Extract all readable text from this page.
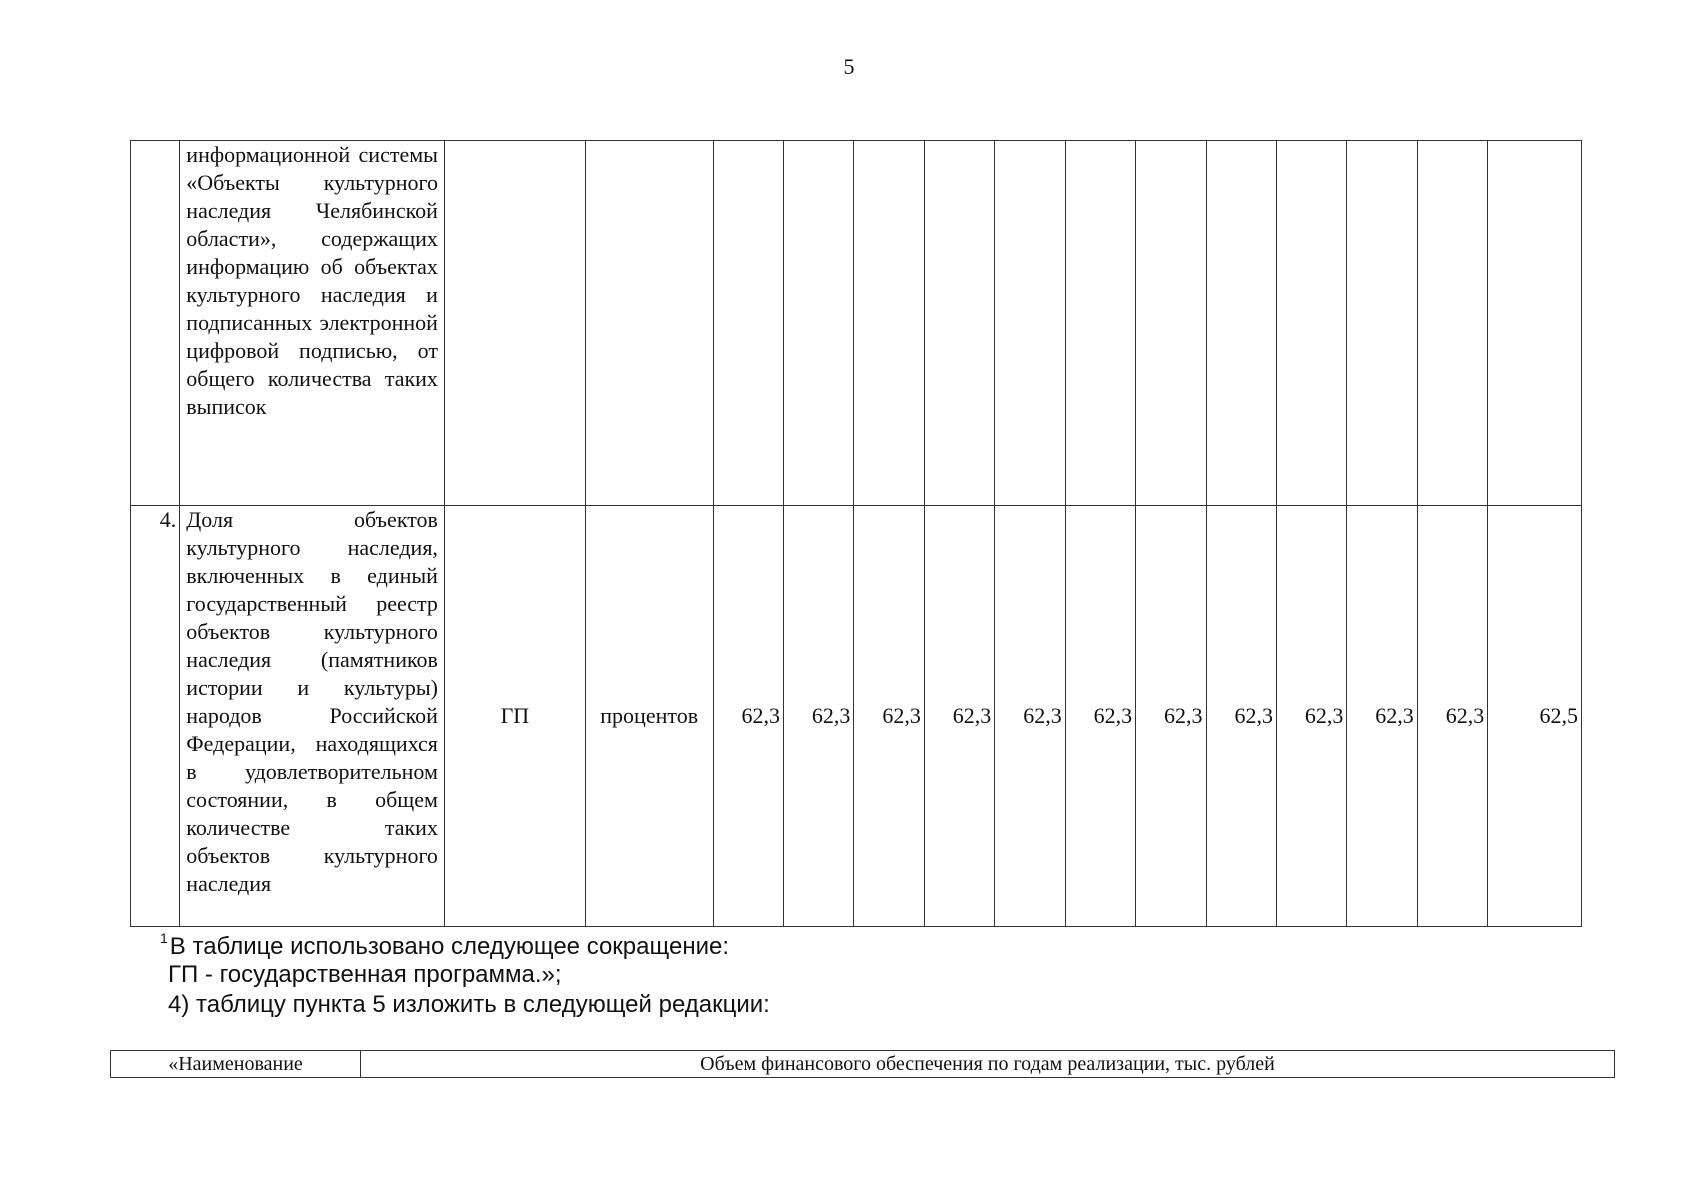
5
	информационной системы «Объекты культурного наследия Челябинской области», содержащих информацию об объектах культурного наследия и подписанных электронной цифровой подписью, от общего количества таких выписок														
4.	Доля объектов культурного наследия, включенных в единый государственный реестр объектов культурного наследия (памятников истории и культуры) народов Российской Федерации, находящихся в удовлетворительном состоянии, в общем количестве таких объектов культурного наследия	ГП	процентов	62,3	62,3	62,3	62,3	62,3	62,3	62,3	62,3	62,3	62,3	62,3	62,5
$^1$В таблице использовано следующее сокращение:
ГП - государственная программа.»;
4) таблицу пункта 5 изложить в следующей редакции:
«Наименование	Объем финансового обеспечения по годам реализации, тыс. рублей
